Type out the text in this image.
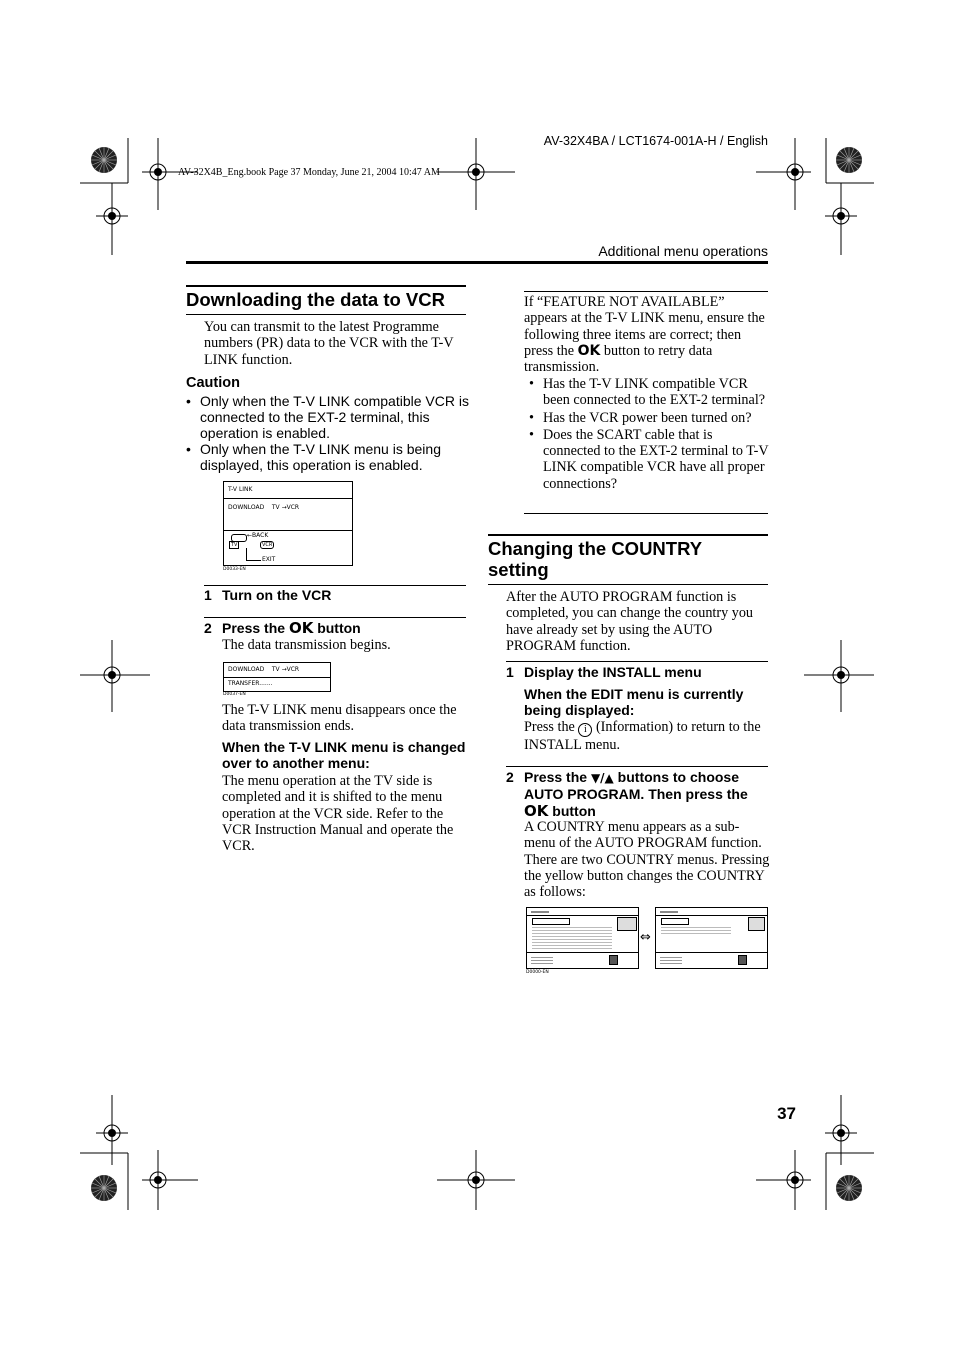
AV-32X4BA / LCT1674-001A-H / English
AV-32X4B_Eng.book Page 37 Monday, June 21, 2004 10:47 AM
Additional menu operations
Downloading the data to VCR
You can transmit to the latest Programme numbers (PR) data to the VCR with the T-V LINK function.
Caution
• Only when the T-V LINK compatible VCR is connected to the EXT-2 terminal, this operation is enabled.
• Only when the T-V LINK menu is being displayed, this operation is enabled.
T-V LINK
DOWNLOAD TV →VCR
←BACK
TV	VCR
EXIT
D0033-EN
1 Turn on the VCR
2 Press the OK button
The data transmission begins.
DOWNLOAD TV →VCR
TRANSFER.......
D0037-EN
The T-V LINK menu disappears once the data transmission ends.
When the T-V LINK menu is changed over to another menu:
The menu operation at the TV side is completed and it is shifted to the menu operation at the VCR side. Refer to the VCR Instruction Manual and operate the VCR.
If “FEATURE NOT AVAILABLE” appears at the T-V LINK menu, ensure the following three items are correct; then press the OK button to retry data transmission.
• Has the T-V LINK compatible VCR been connected to the EXT-2 terminal?
• Has the VCR power been turned on?
• Does the SCART cable that is connected to the EXT-2 terminal to T-V LINK compatible VCR have all proper connections?
Changing the COUNTRY setting
After the AUTO PROGRAM function is completed, you can change the country you have already set by using the AUTO PROGRAM function.
1 Display the INSTALL menu
When the EDIT menu is currently being displayed:
Press the i (Information) to return to the INSTALL menu.
2 Press the ▼/▲ buttons to choose AUTO PROGRAM. Then press the OK button
A COUNTRY menu appears as a sub-menu of the AUTO PROGRAM function. There are two COUNTRY menus. Pressing the yellow button changes the COUNTRY as follows:
⇔
D0000-EN
37
